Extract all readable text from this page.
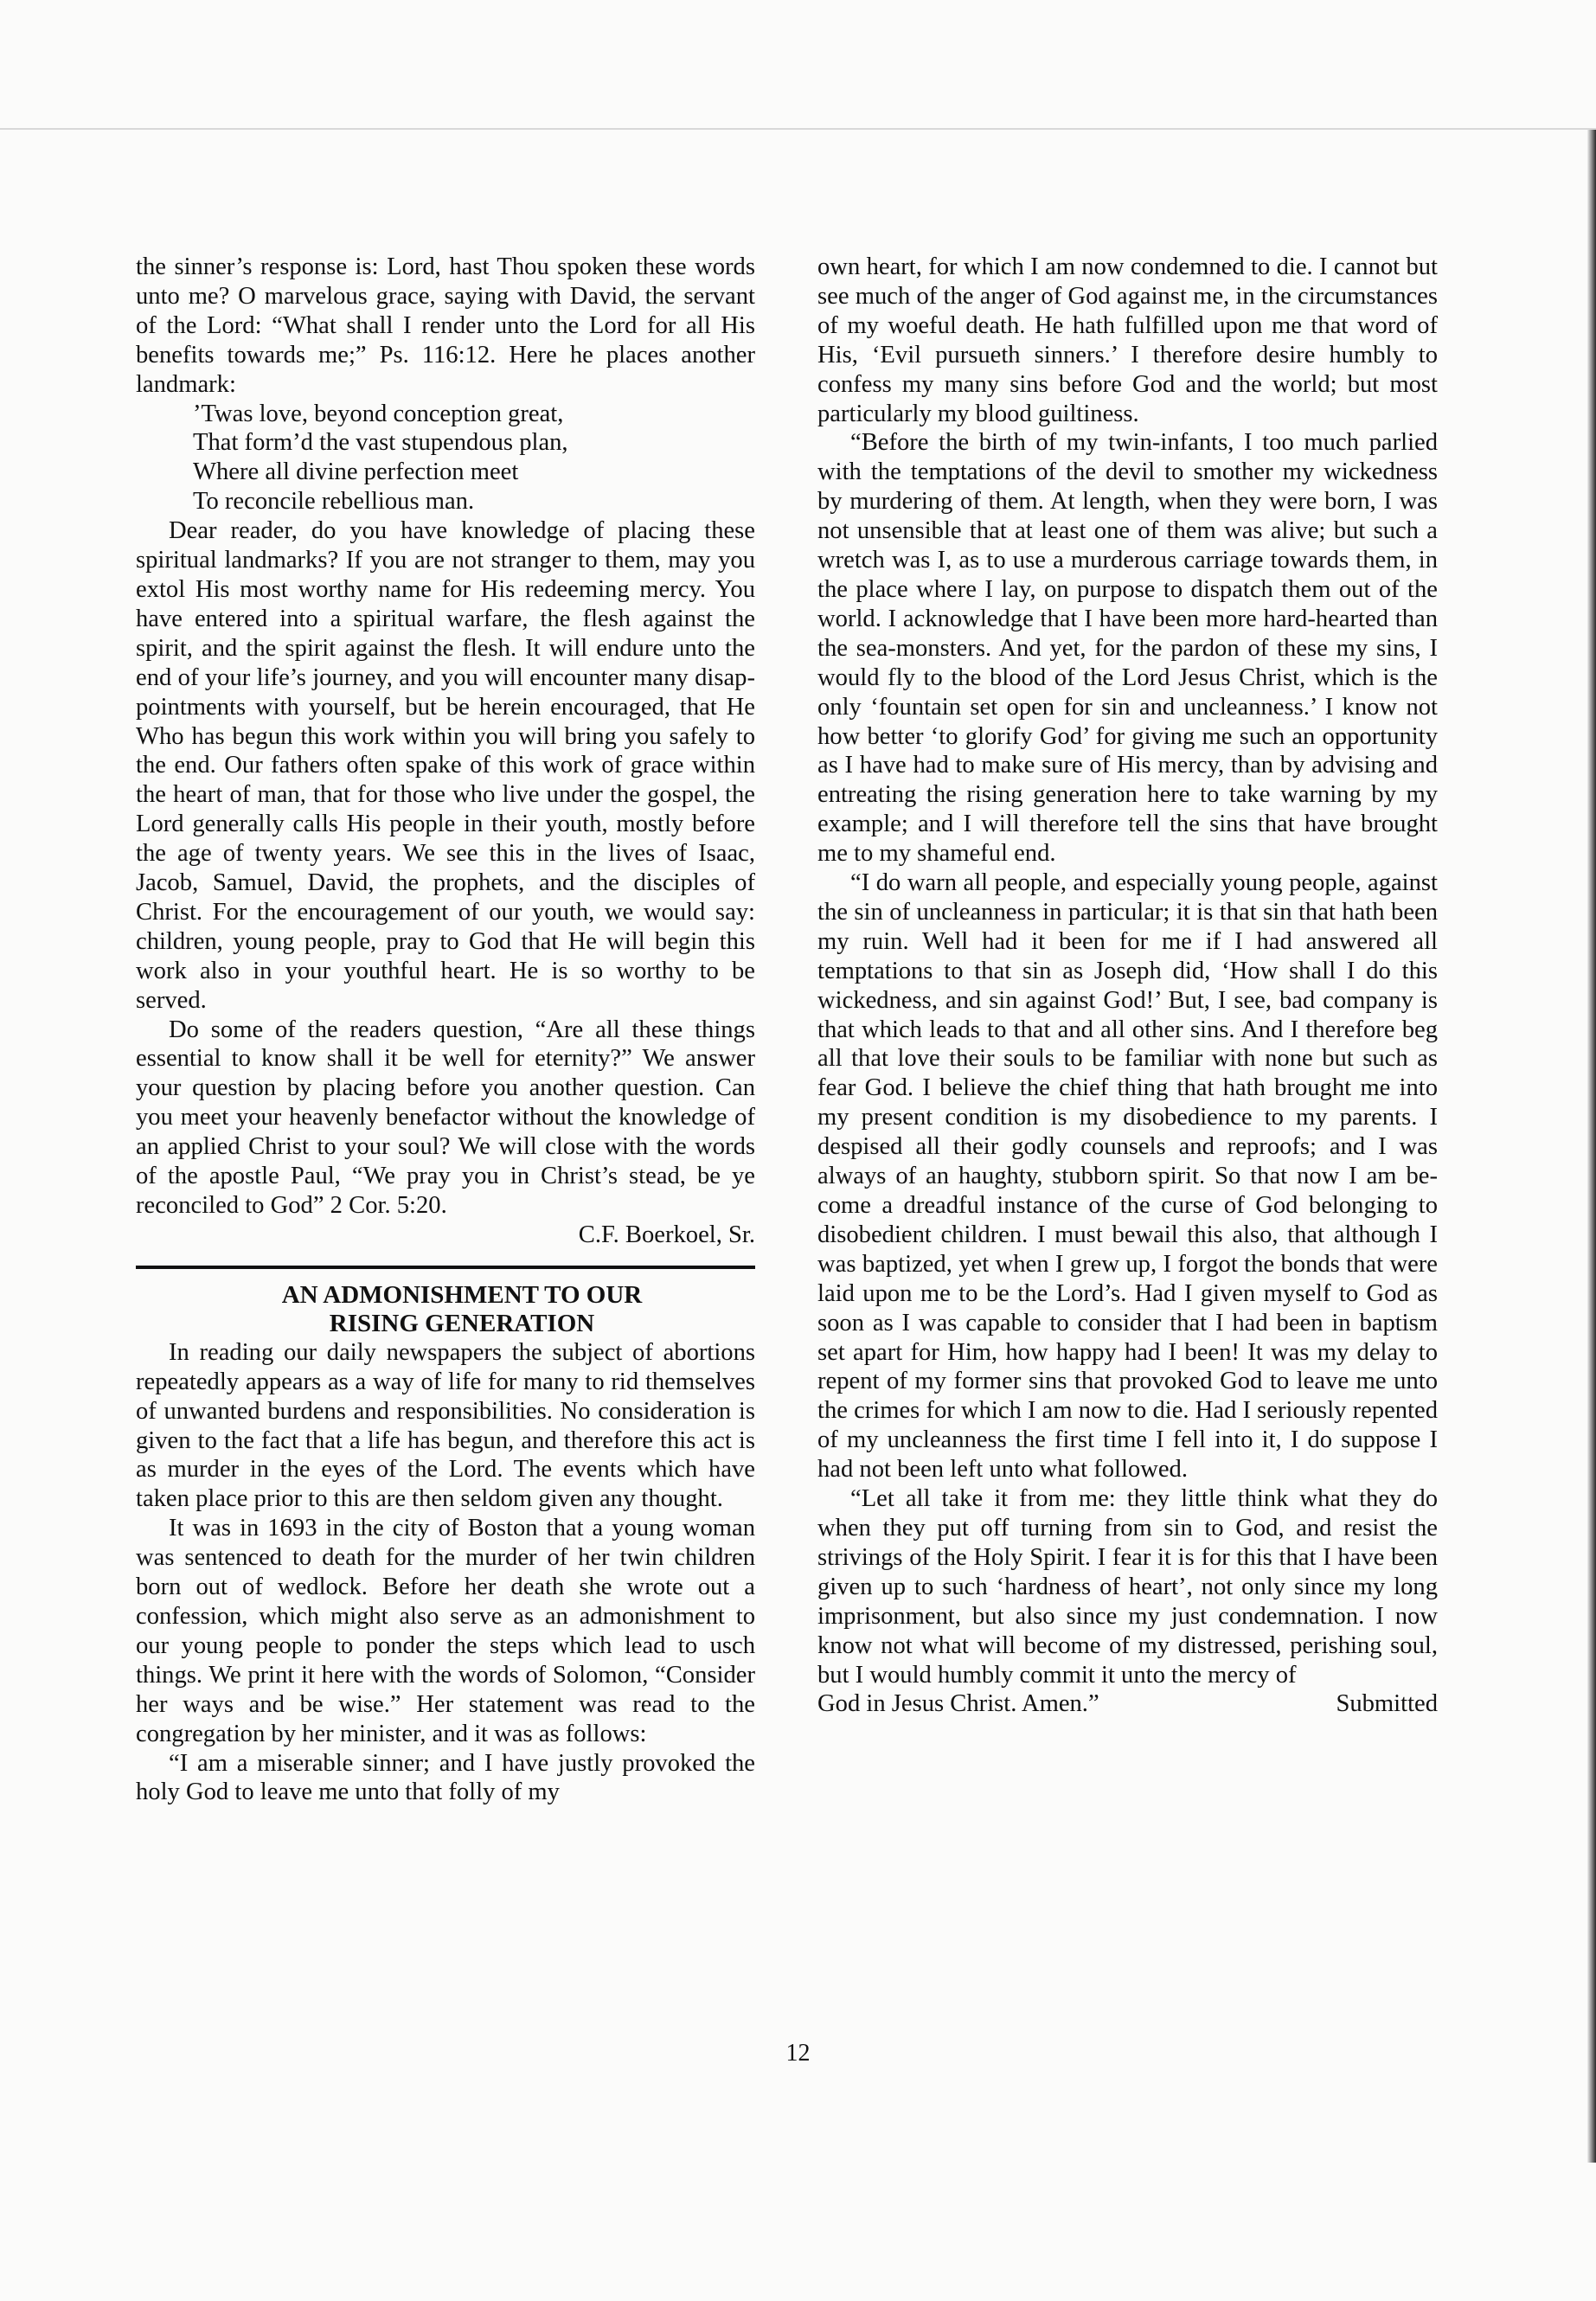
the sinner’s response is: Lord, hast Thou spoken these words unto me? O marvelous grace, saying with David, the servant of the Lord: “What shall I render unto the Lord for all His benefits towards me;” Ps. 116:12. Here he places another landmark:

’Twas love, beyond conception great,
That form’d the vast stupendous plan,
Where all divine perfection meet
To reconcile rebellious man.

Dear reader, do you have knowledge of placing these spiritual landmarks? If you are not stranger to them, may you extol His most worthy name for His redeeming mercy. You have entered into a spiritual warfare, the flesh against the spirit, and the spirit against the flesh. It will endure unto the end of your life’s journey, and you will encounter many disappointments with yourself, but be herein encouraged, that He Who has begun this work within you will bring you safely to the end. Our fathers often spake of this work of grace within the heart of man, that for those who live under the gospel, the Lord generally calls His people in their youth, mostly before the age of twenty years. We see this in the lives of Isaac, Jacob, Samuel, David, the prophets, and the disciples of Christ. For the encouragement of our youth, we would say: children, young people, pray to God that He will begin this work also in your youthful heart. He is so worthy to be served.

Do some of the readers question, “Are all these things essential to know shall it be well for eternity?” We answer your question by placing before you another question. Can you meet your heavenly benefactor without the knowledge of an applied Christ to your soul? We will close with the words of the apostle Paul, “We pray you in Christ’s stead, be ye reconciled to God” 2 Cor. 5:20.

C.F. Boerkoel, Sr.

AN ADMONISHMENT TO OUR

RISING GENERATION

In reading our daily newspapers the subject of abortions repeatedly appears as a way of life for many to rid themselves of unwanted burdens and responsibilities. No consideration is given to the fact that a life has begun, and therefore this act is as murder in the eyes of the Lord. The events which have taken place prior to this are then seldom given any thought.

It was in 1693 in the city of Boston that a young woman was sentenced to death for the murder of her twin children born out of wedlock. Before her death she wrote out a confession, which might also serve as an admonishment to our young people to ponder the steps which lead to usch things. We print it here with the words of Solomon, “Consider her ways and be wise.” Her statement was read to the congregation by her minister, and it was as follows:

“I am a miserable sinner; and I have justly provoked the holy God to leave me unto that folly of my

own heart, for which I am now condemned to die. I cannot but see much of the anger of God against me, in the circumstances of my woeful death. He hath fulfilled upon me that word of His, ‘Evil pursueth sinners.’ I therefore desire humbly to confess my many sins before God and the world; but most particularly my blood guiltiness.

“Before the birth of my twin-infants, I too much parlied with the temptations of the devil to smother my wickedness by murdering of them. At length, when they were born, I was not unsensible that at least one of them was alive; but such a wretch was I, as to use a murderous carriage towards them, in the place where I lay, on purpose to dispatch them out of the world. I acknowledge that I have been more hard-hearted than the sea-monsters. And yet, for the pardon of these my sins, I would fly to the blood of the Lord Jesus Christ, which is the only ‘fountain set open for sin and uncleanness.’ I know not how better ‘to glorify God’ for giving me such an opportunity as I have had to make sure of His mercy, than by advising and entreating the rising generation here to take warning by my example; and I will therefore tell the sins that have brought me to my shameful end.

“I do warn all people, and especially young people, against the sin of uncleanness in particular; it is that sin that hath been my ruin. Well had it been for me if I had answered all temptations to that sin as Joseph did, ‘How shall I do this wickedness, and sin against God!’ But, I see, bad company is that which leads to that and all other sins. And I therefore beg all that love their souls to be familiar with none but such as fear God. I believe the chief thing that hath brought me into my present condition is my disobedience to my parents. I despised all their godly counsels and reproofs; and I was always of an haughty, stubborn spirit. So that now I am become a dreadful instance of the curse of God belonging to disobedient children. I must bewail this also, that although I was baptized, yet when I grew up, I forgot the bonds that were laid upon me to be the Lord’s. Had I given myself to God as soon as I was capable to consider that I had been in baptism set apart for Him, how happy had I been! It was my delay to repent of my former sins that provoked God to leave me unto the crimes for which I am now to die. Had I seriously repented of my uncleanness the first time I fell into it, I do suppose I had not been left unto what followed.

“Let all take it from me: they little think what they do when they put off turning from sin to God, and resist the strivings of the Holy Spirit. I fear it is for this that I have been given up to such ‘hardness of heart’, not only since my long imprisonment, but also since my just condemnation. I now know not what will become of my distressed, perishing soul, but I would humbly commit it unto the mercy of

God in Jesus Christ. Amen.”	Submitted
12
